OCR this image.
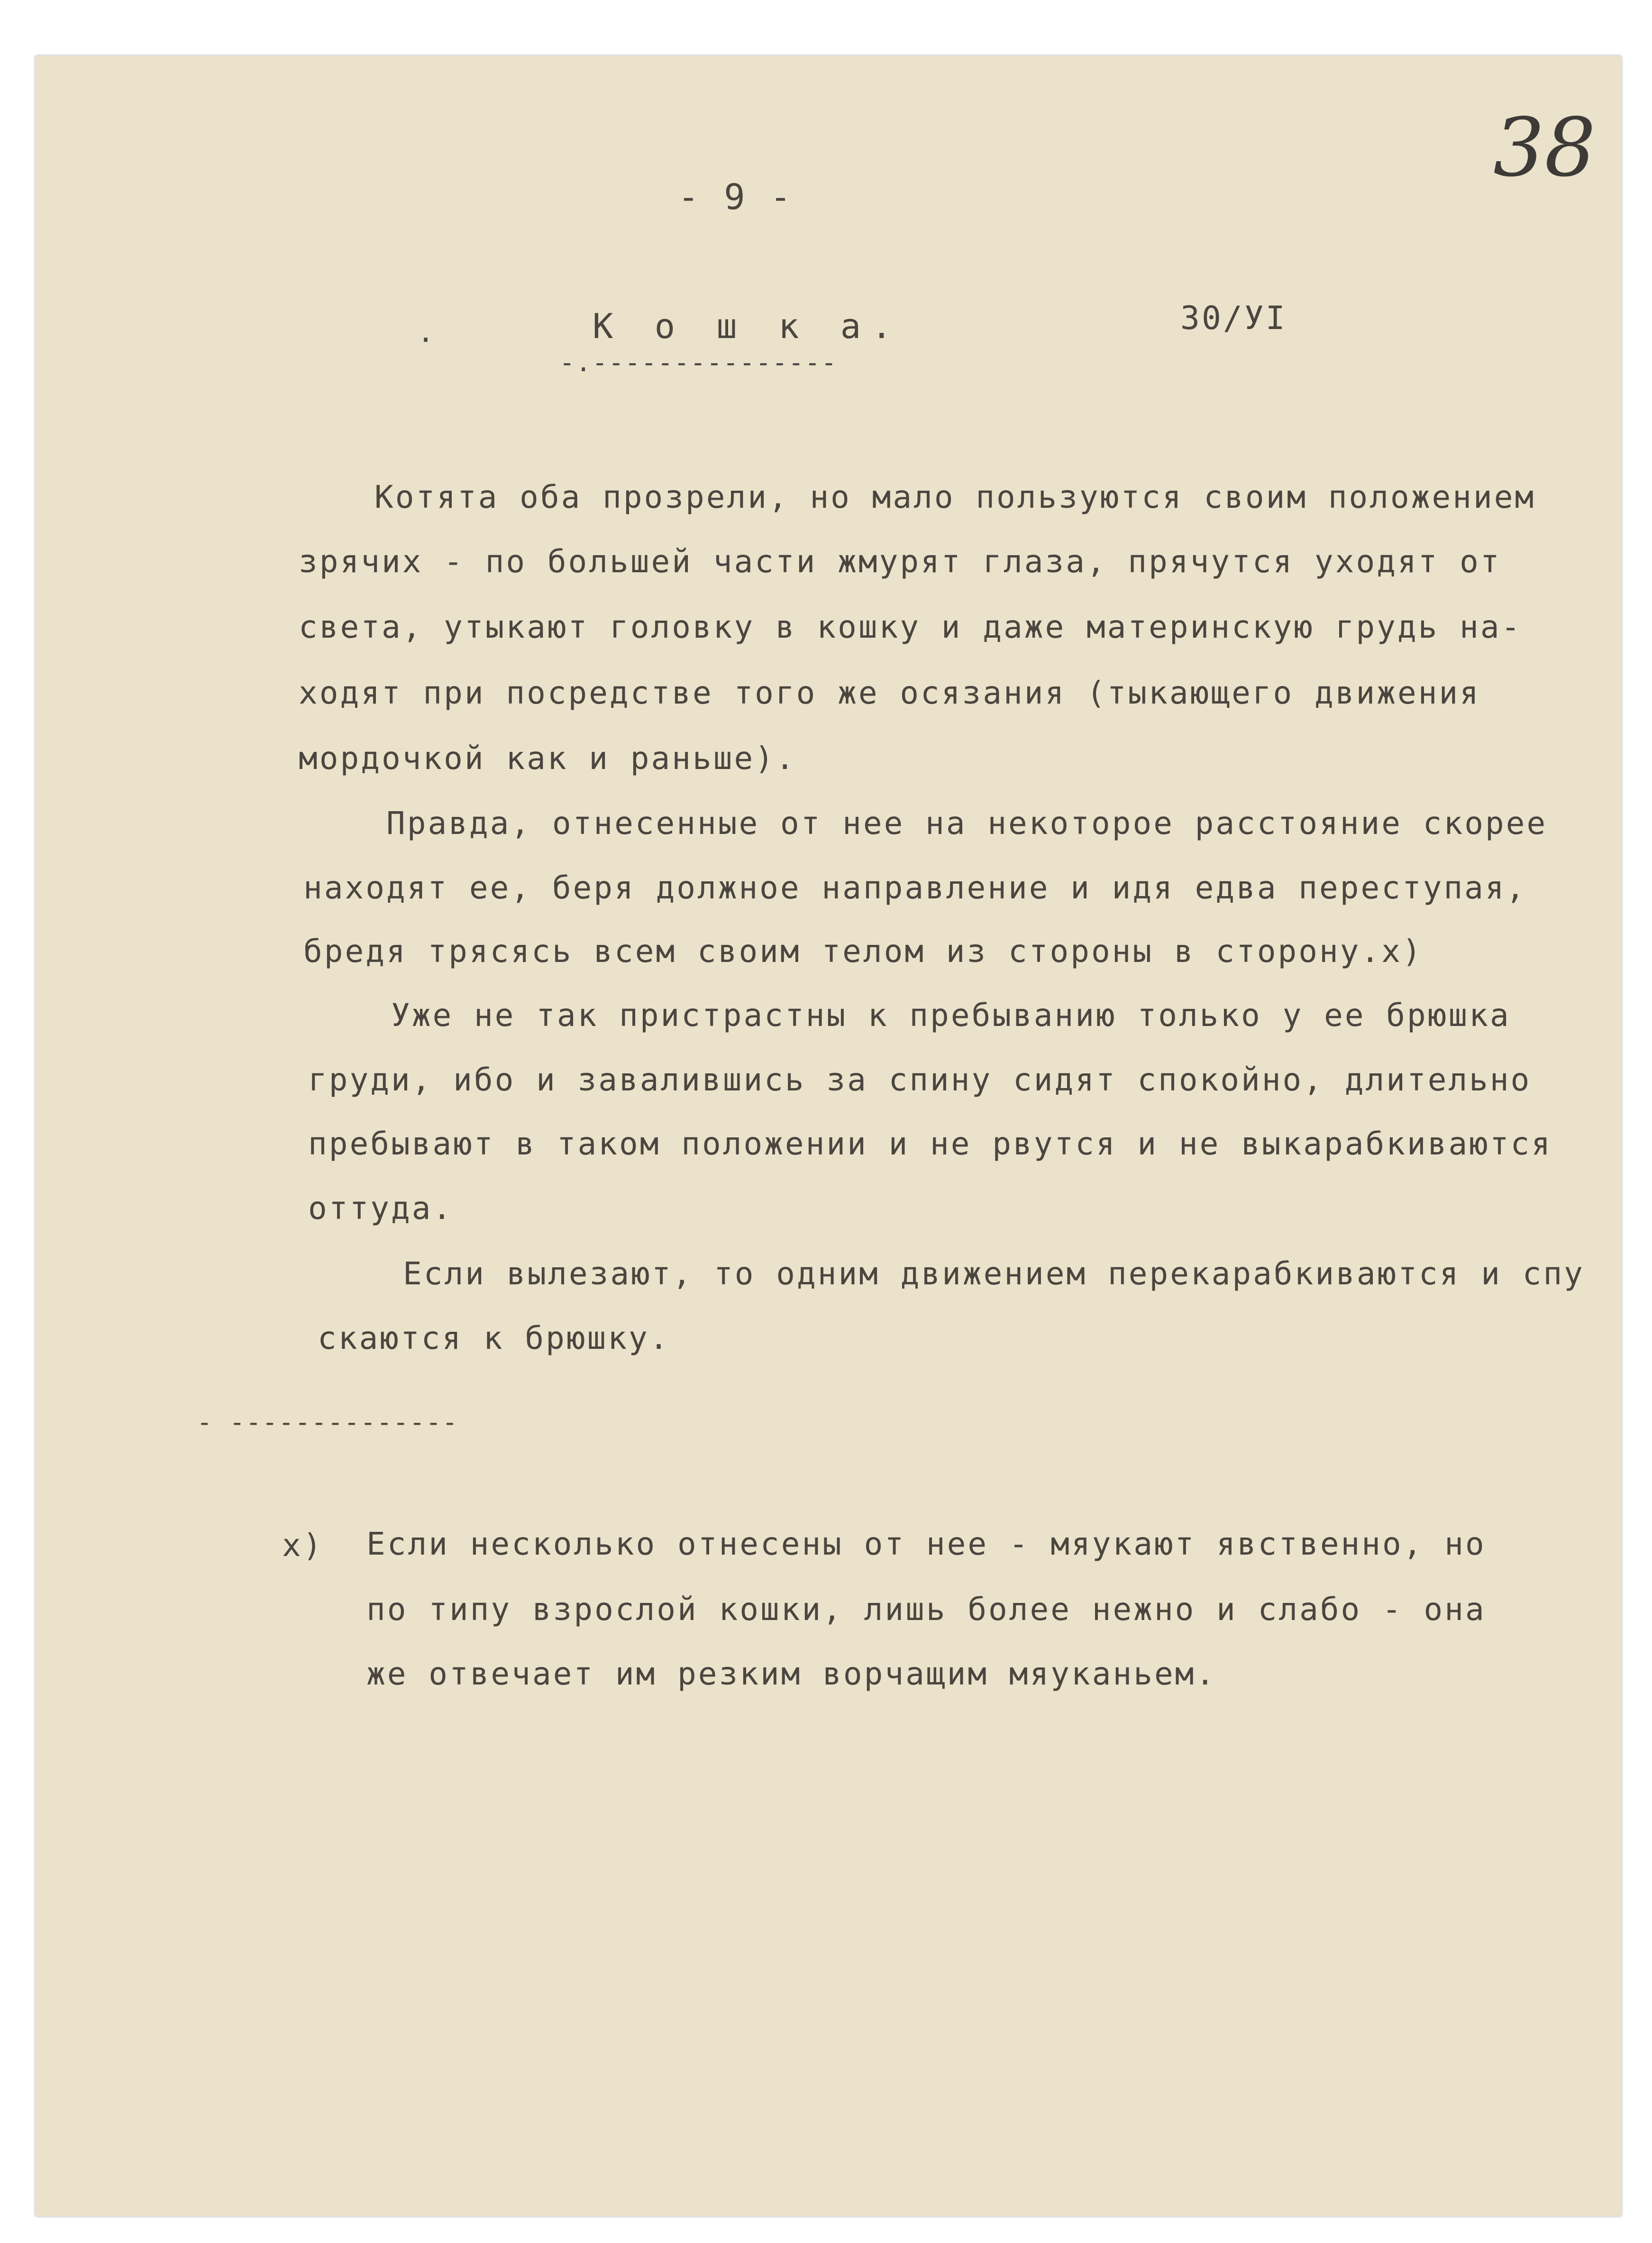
38
- 9 -
.	К о ш к а.	30/УI
-.---------------
Котята оба прозрели, но мало пользуются своим положением
зрячих - по большей части жмурят глаза, прячутся уходят от
света, утыкают головку в кошку и даже материнскую грудь на-
ходят при посредстве того же осязания (тыкающего движения
мордочкой как и раньше).
Правда, отнесенные от нее на некоторое расстояние скорее
находят ее, беря должное направление и идя едва переступая,
бредя трясясь всем своим телом из стороны в сторону.x)
Уже не так пристрастны к пребыванию только у ее брюшка
груди, ибо и завалившись за спину сидят спокойно, длительно
пребывают в таком положении и не рвутся и не выкарабкиваются
оттуда.
Если вылезают, то одним движением перекарабкиваются и спу
скаются к брюшку.
- --------------
x) Если несколько отнесены от нее - мяукают явственно, но
по типу взрослой кошки, лишь более нежно и слабо - она
же отвечает им резким ворчащим мяуканьем.
